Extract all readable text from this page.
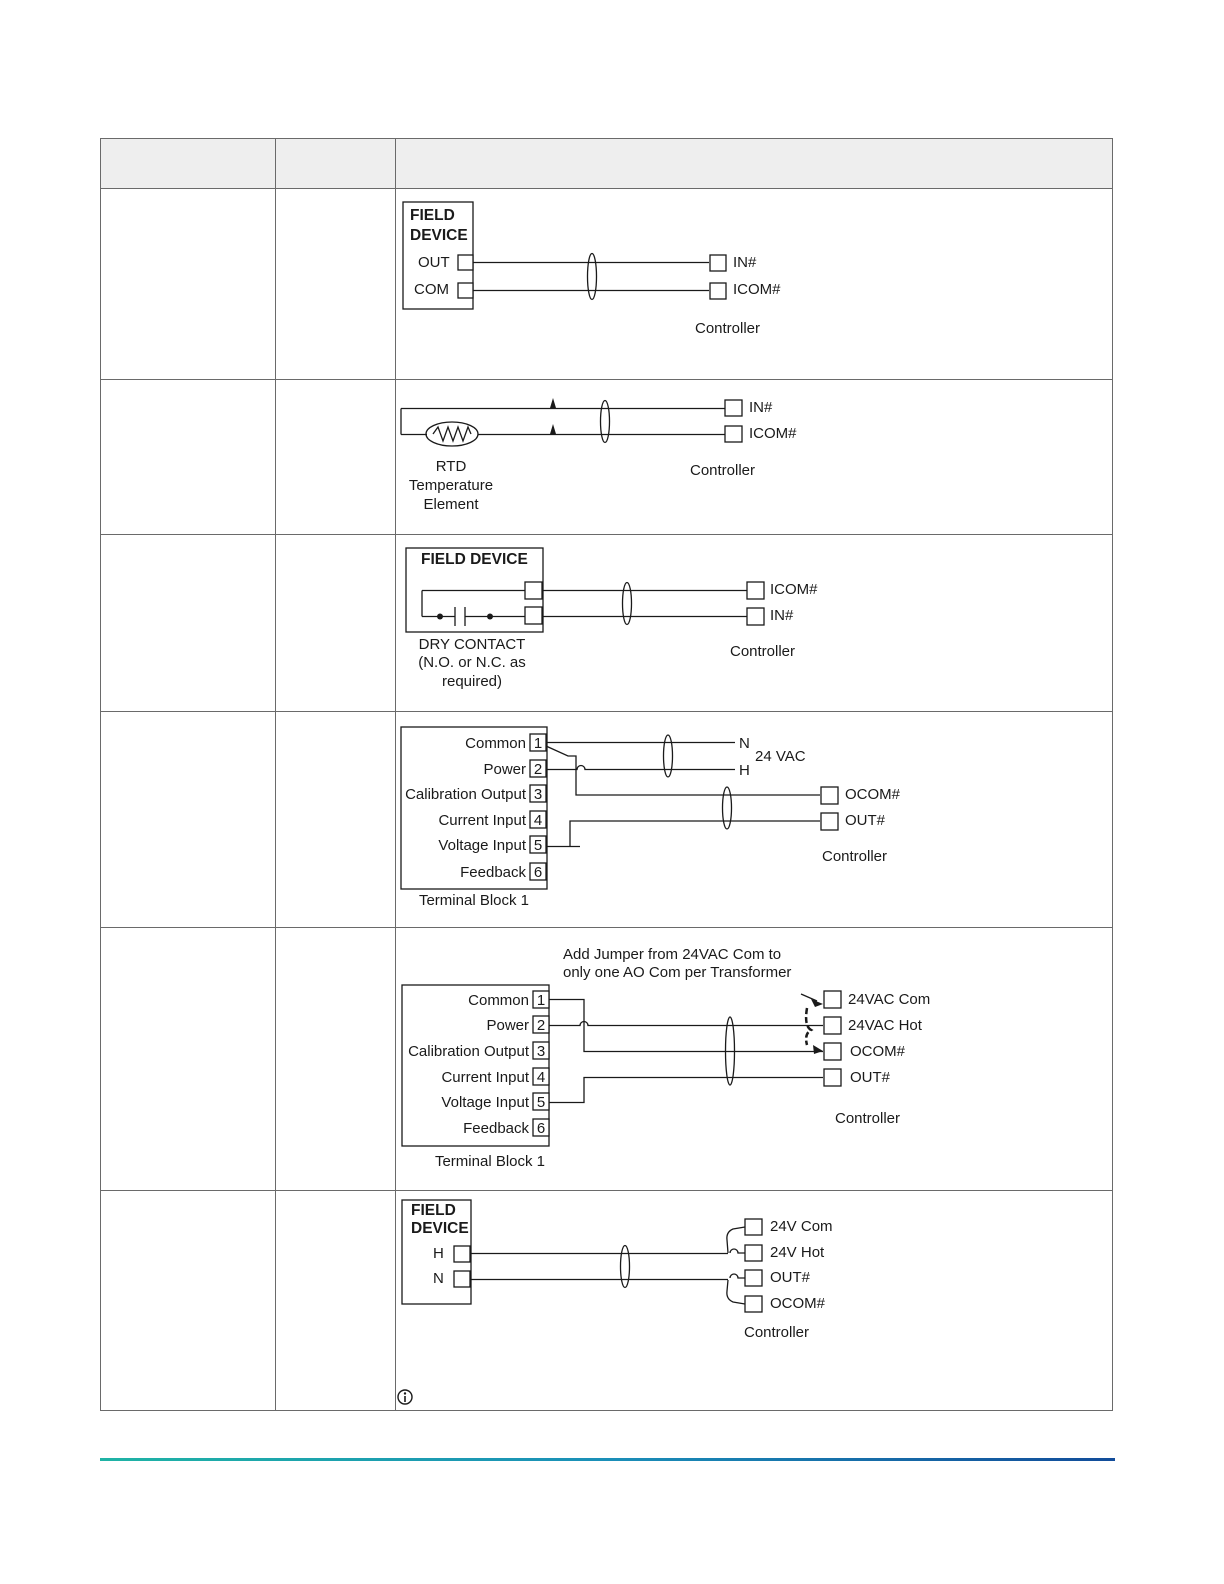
FIELD
DEVICE
OUT
COM
IN#
ICOM#
Controller
IN#
ICOM#
RTD
Temperature
Element
Controller
FIELD DEVICE
ICOM#
IN#
DRY CONTACT
(N.O. or N.C. as
required)
Controller
Common
Power
Calibration Output
Current Input
Voltage Input
Feedback
1
2
3
4
5
6
N
H
24 VAC
OCOM#
OUT#
Controller
Terminal Block 1
Add Jumper from 24VAC Com to
only one AO Com per Transformer
Common
Power
Calibration Output
Current Input
Voltage Input
Feedback
1
2
3
4
5
6
24VAC Com
24VAC Hot
OCOM#
OUT#
Controller
Terminal Block 1
FIELD
DEVICE
H
N
24V Com
24V Hot
OUT#
OCOM#
Controller
